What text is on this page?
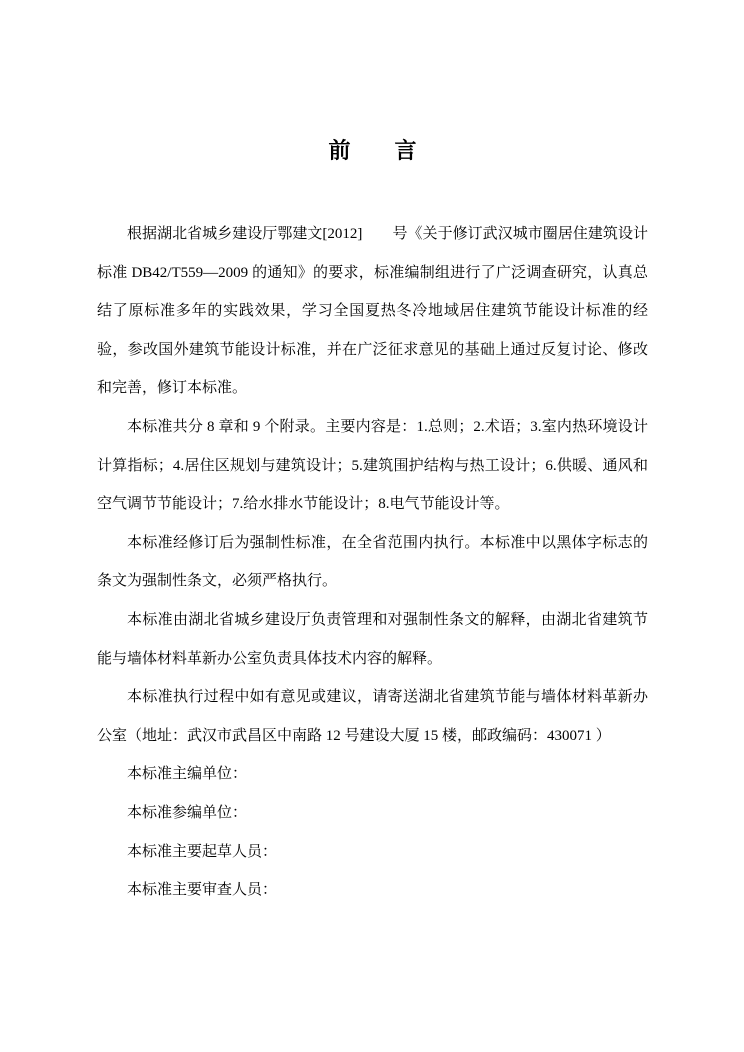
前　　言

根据湖北省城乡建设厅鄂建文[2012]　　号《关于修订武汉城市圈居住建筑设计标准 DB42/T559—2009 的通知》的要求，标准编制组进行了广泛调查研究，认真总结了原标准多年的实践效果，学习全国夏热冬冷地域居住建筑节能设计标准的经验，参改国外建筑节能设计标准，并在广泛征求意见的基础上通过反复讨论、修改和完善，修订本标准。

本标准共分 8 章和 9 个附录。主要内容是：1.总则；2.术语；3.室内热环境设计计算指标；4.居住区规划与建筑设计；5.建筑围护结构与热工设计；6.供暖、通风和空气调节节能设计；7.给水排水节能设计；8.电气节能设计等。

本标准经修订后为强制性标准，在全省范围内执行。本标准中以黑体字标志的条文为强制性条文，必须严格执行。

本标准由湖北省城乡建设厅负责管理和对强制性条文的解释，由湖北省建筑节能与墙体材料革新办公室负责具体技术内容的解释。

本标准执行过程中如有意见或建议，请寄送湖北省建筑节能与墙体材料革新办公室（地址：武汉市武昌区中南路 12 号建设大厦 15 楼，邮政编码：430071 ）

本标准主编单位：

本标准参编单位：

本标准主要起草人员：

本标准主要审查人员：
